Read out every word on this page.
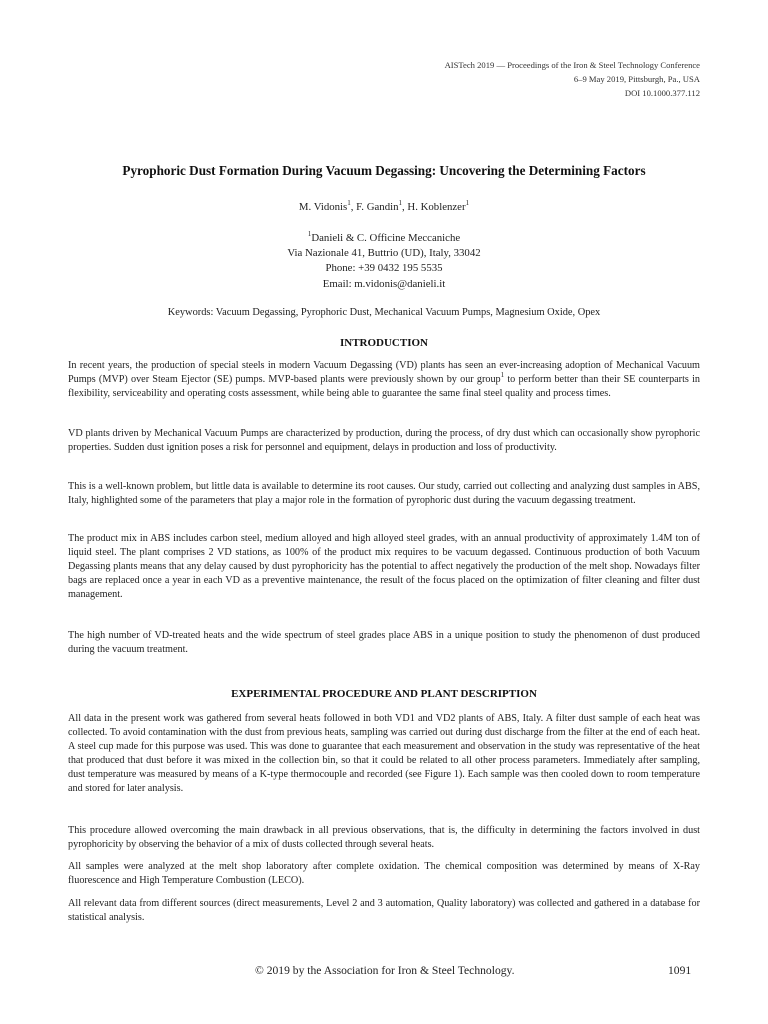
AISTech 2019 — Proceedings of the Iron & Steel Technology Conference
6–9 May 2019, Pittsburgh, Pa., USA
DOI 10.1000.377.112
Pyrophoric Dust Formation During Vacuum Degassing: Uncovering the Determining Factors
M. Vidonis$^1$, F. Gandin$^1$, H. Koblenzer$^1$
$^1$Danieli & C. Officine Meccaniche
Via Nazionale 41, Buttrio (UD), Italy, 33042
Phone: +39 0432 195 5535
Email: m.vidonis@danieli.it
Keywords: Vacuum Degassing, Pyrophoric Dust, Mechanical Vacuum Pumps, Magnesium Oxide, Opex
INTRODUCTION

In recent years, the production of special steels in modern Vacuum Degassing (VD) plants has seen an ever-increasing adoption of Mechanical Vacuum Pumps (MVP) over Steam Ejector (SE) pumps. MVP-based plants were previously shown by our group$^1$ to perform better than their SE counterparts in flexibility, serviceability and operating costs assessment, while being able to guarantee the same final steel quality and process times.

VD plants driven by Mechanical Vacuum Pumps are characterized by production, during the process, of dry dust which can occasionally show pyrophoric properties. Sudden dust ignition poses a risk for personnel and equipment, delays in production and loss of productivity.

This is a well-known problem, but little data is available to determine its root causes. Our study, carried out collecting and analyzing dust samples in ABS, Italy, highlighted some of the parameters that play a major role in the formation of pyrophoric dust during the vacuum degassing treatment.

The product mix in ABS includes carbon steel, medium alloyed and high alloyed steel grades, with an annual productivity of approximately 1.4M ton of liquid steel. The plant comprises 2 VD stations, as 100% of the product mix requires to be vacuum degassed. Continuous production of both Vacuum Degassing plants means that any delay caused by dust pyrophoricity has the potential to affect negatively the production of the melt shop. Nowadays filter bags are replaced once a year in each VD as a preventive maintenance, the result of the focus placed on the optimization of filter cleaning and filter dust management.

The high number of VD-treated heats and the wide spectrum of steel grades place ABS in a unique position to study the phenomenon of dust produced during the vacuum treatment.

EXPERIMENTAL PROCEDURE AND PLANT DESCRIPTION

All data in the present work was gathered from several heats followed in both VD1 and VD2 plants of ABS, Italy. A filter dust sample of each heat was collected. To avoid contamination with the dust from previous heats, sampling was carried out during dust discharge from the filter at the end of each heat. A steel cup made for this purpose was used. This was done to guarantee that each measurement and observation in the study was representative of the heat that produced that dust before it was mixed in the collection bin, so that it could be related to all other process parameters. Immediately after sampling, dust temperature was measured by means of a K-type thermocouple and recorded (see Figure 1). Each sample was then cooled down to room temperature and stored for later analysis.

This procedure allowed overcoming the main drawback in all previous observations, that is, the difficulty in determining the factors involved in dust pyrophoricity by observing the behavior of a mix of dusts collected through several heats.

All samples were analyzed at the melt shop laboratory after complete oxidation. The chemical composition was determined by means of X-Ray fluorescence and High Temperature Combustion (LECO).

All relevant data from different sources (direct measurements, Level 2 and 3 automation, Quality laboratory) was collected and gathered in a database for statistical analysis.

© 2019 by the Association for Iron & Steel Technology.	1091
